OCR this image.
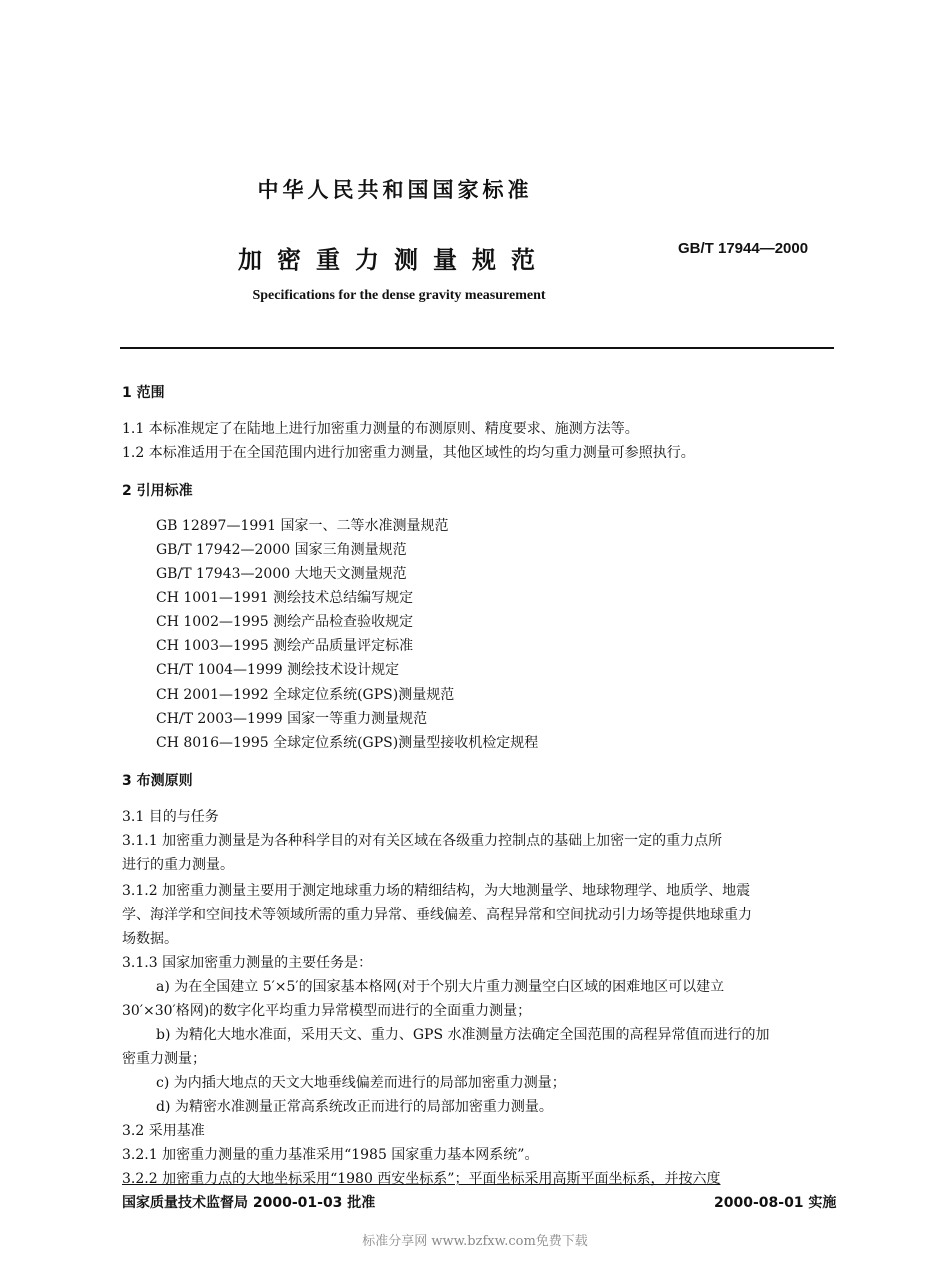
中华人民共和国国家标准
加密重力测量规范	GB/T 17944—2000
Specifications for the dense gravity measurement
1 范围
1.1 本标准规定了在陆地上进行加密重力测量的布测原则、精度要求、施测方法等。
1.2 本标准适用于在全国范围内进行加密重力测量，其他区域性的均匀重力测量可参照执行。
2 引用标准
GB 12897—1991 国家一、二等水准测量规范
GB/T 17942—2000 国家三角测量规范
GB/T 17943—2000 大地天文测量规范
CH 1001—1991 测绘技术总结编写规定
CH 1002—1995 测绘产品检查验收规定
CH 1003—1995 测绘产品质量评定标准
CH/T 1004—1999 测绘技术设计规定
CH 2001—1992 全球定位系统(GPS)测量规范
CH/T 2003—1999 国家一等重力测量规范
CH 8016—1995 全球定位系统(GPS)测量型接收机检定规程
3 布测原则
3.1 目的与任务
3.1.1 加密重力测量是为各种科学目的对有关区域在各级重力控制点的基础上加密一定的重力点所
进行的重力测量。
3.1.2 加密重力测量主要用于测定地球重力场的精细结构，为大地测量学、地球物理学、地质学、地震
学、海洋学和空间技术等领域所需的重力异常、垂线偏差、高程异常和空间扰动引力场等提供地球重力
场数据。
3.1.3 国家加密重力测量的主要任务是：
a) 为在全国建立 5′×5′的国家基本格网(对于个别大片重力测量空白区域的困难地区可以建立
30′×30′格网)的数字化平均重力异常模型而进行的全面重力测量；
b) 为精化大地水准面，采用天文、重力、GPS 水准测量方法确定全国范围的高程异常值而进行的加
密重力测量；
c) 为内插大地点的天文大地垂线偏差而进行的局部加密重力测量；
d) 为精密水准测量正常高系统改正而进行的局部加密重力测量。
3.2 采用基准
3.2.1 加密重力测量的重力基准采用“1985 国家重力基本网系统”。
3.2.2 加密重力点的大地坐标采用“1980 西安坐标系”；平面坐标采用高斯平面坐标系，并按六度
国家质量技术监督局 2000-01-03 批准	2000-08-01 实施
标准分享网 www.bzfxw.com免费下载
